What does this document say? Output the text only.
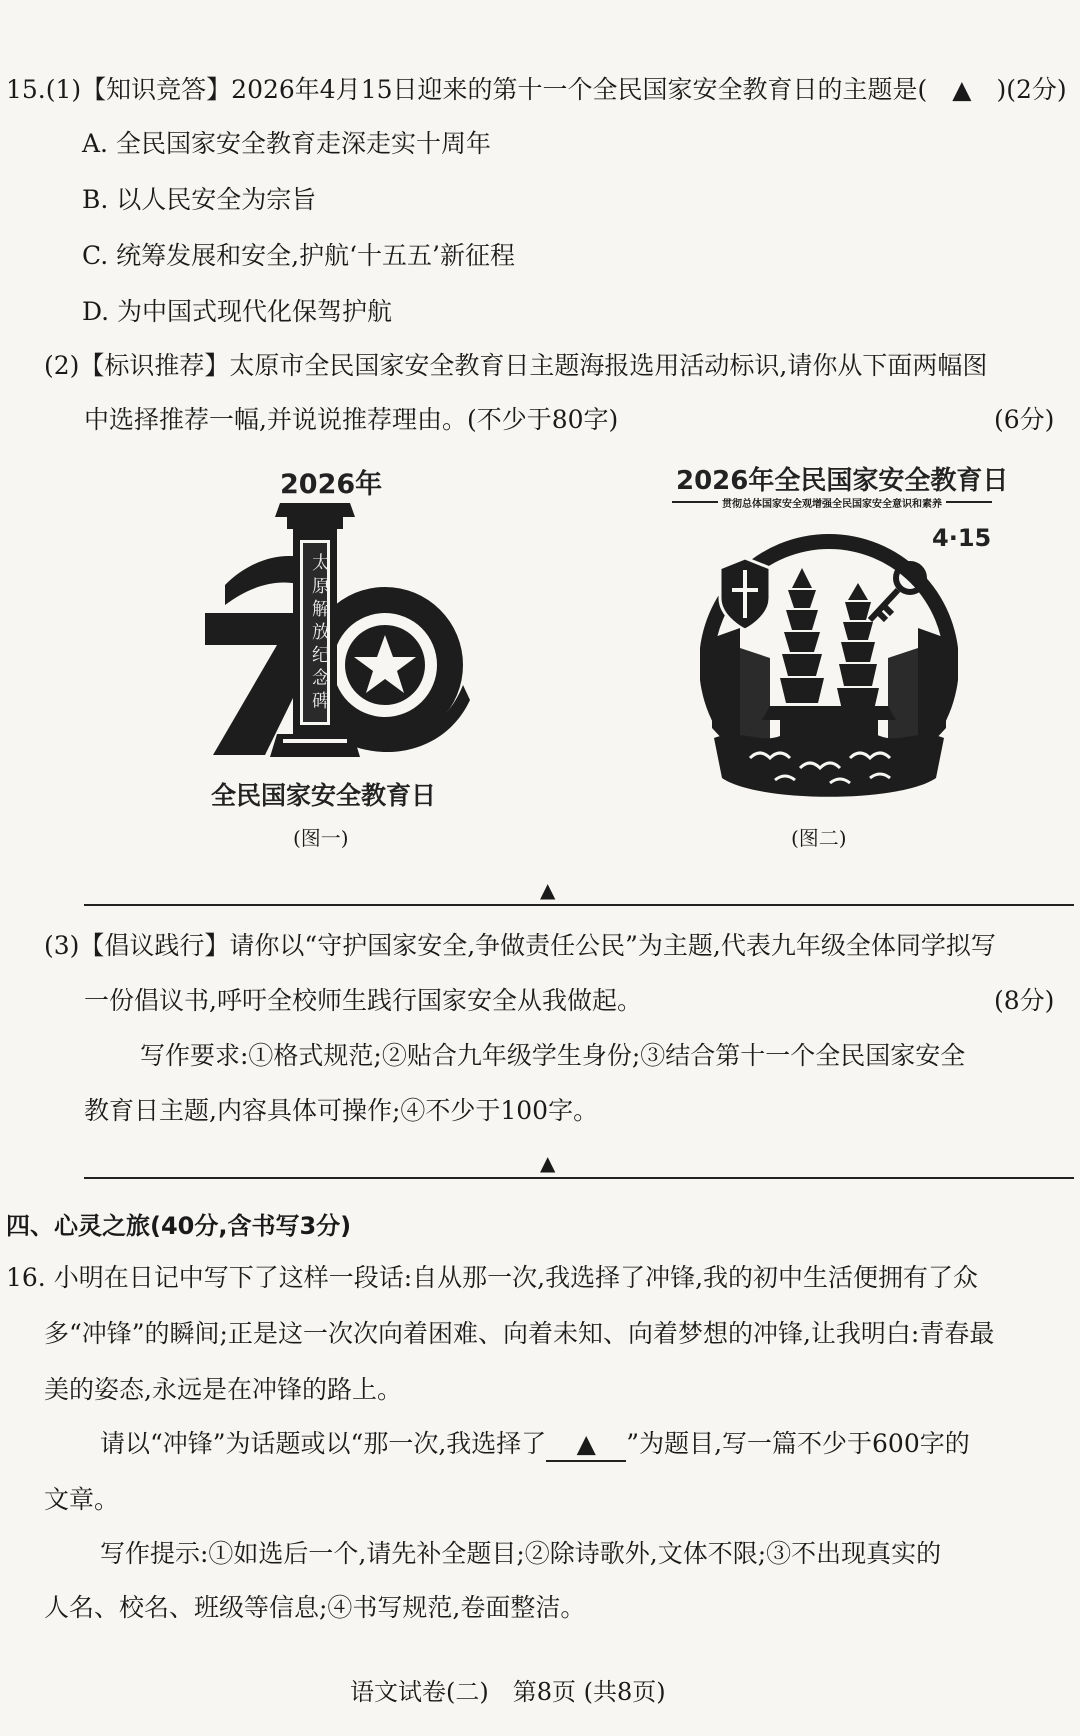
15.(1)【知识竞答】2026年4月15日迎来的第十一个全民国家安全教育日的主题是(　▲　)(2分)
A. 全民国家安全教育走深走实十周年
B. 以人民安全为宗旨
C. 统筹发展和安全,护航‘十五五’新征程
D. 为中国式现代化保驾护航
(2)【标识推荐】太原市全民国家安全教育日主题海报选用活动标识,请你从下面两幅图
中选择推荐一幅,并说说推荐理由。(不少于80字)	(6分)
2026年
太
原
解
放
纪
念
碑
全民国家安全教育日
(图一)
2026年全民国家安全教育日
贯彻总体国家安全观增强全民国家安全意识和素养
4·15
(图二)
▲
(3)【倡议践行】请你以“守护国家安全,争做责任公民”为主题,代表九年级全体同学拟写
一份倡议书,呼吁全校师生践行国家安全从我做起。	(8分)
写作要求:①格式规范;②贴合九年级学生身份;③结合第十一个全民国家安全
教育日主题,内容具体可操作;④不少于100字。
▲
四、心灵之旅(40分,含书写3分)
16. 小明在日记中写下了这样一段话:自从那一次,我选择了冲锋,我的初中生活便拥有了众
多“冲锋”的瞬间;正是这一次次向着困难、向着未知、向着梦想的冲锋,让我明白:青春最
美的姿态,永远是在冲锋的路上。
请以“冲锋”为话题或以“那一次,我选择了 ▲ ”为题目,写一篇不少于600字的
文章。
写作提示:①如选后一个,请先补全题目;②除诗歌外,文体不限;③不出现真实的
人名、校名、班级等信息;④书写规范,卷面整洁。
语文试卷(二)　第8页 (共8页)
